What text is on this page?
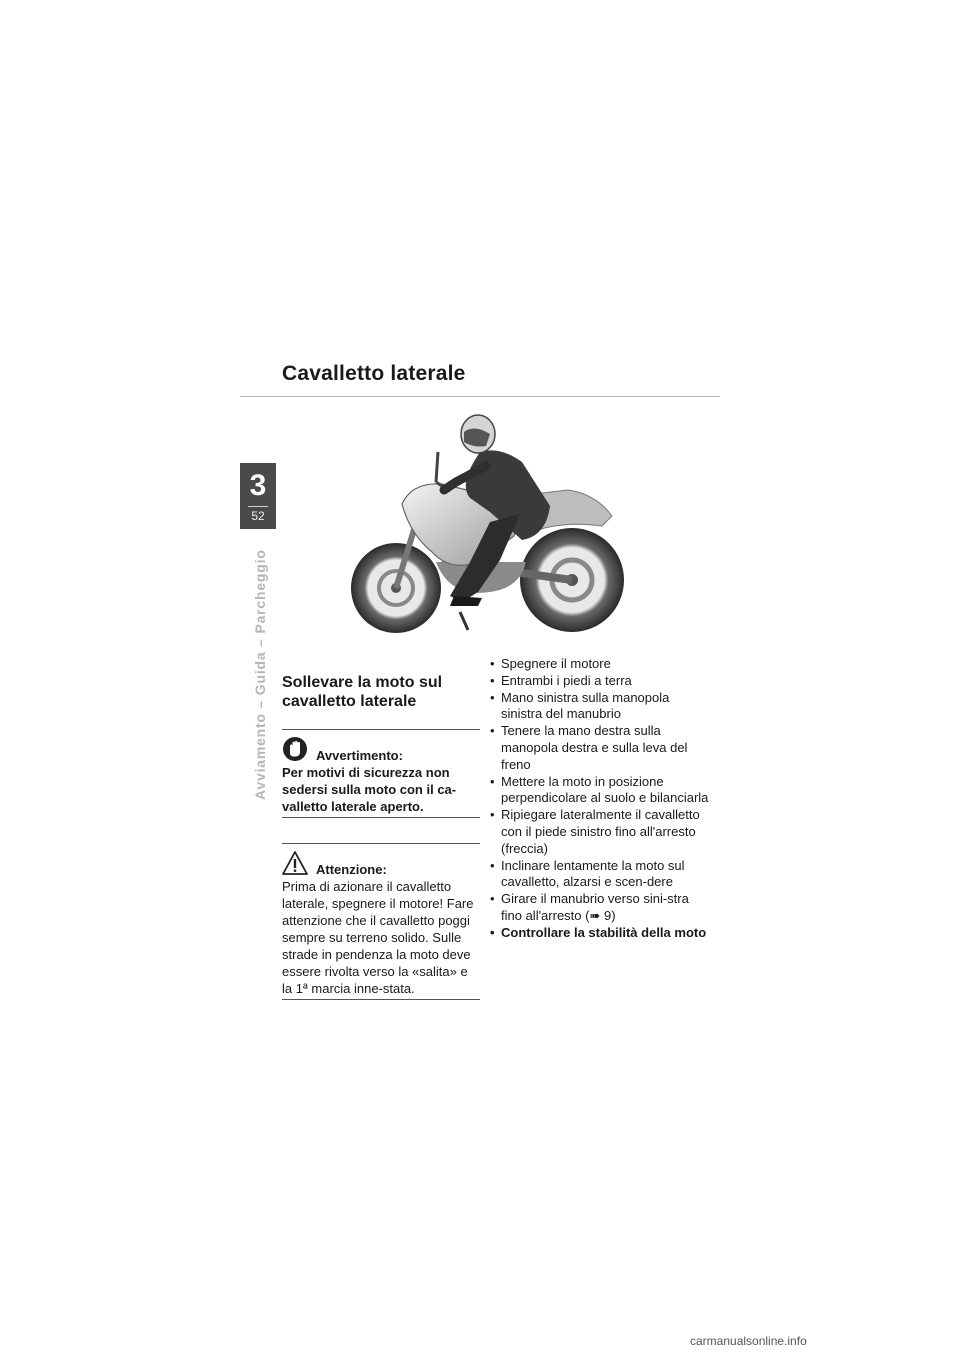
Cavalletto laterale
3
52
Avviamento – Guida – Parcheggio Sollevare la moto sul cavalletto laterale
Avvertimento:
Per motivi di sicurezza non sedersi sulla moto con il ca-valletto laterale aperto.
Attenzione:
Prima di azionare il cavalletto laterale, spegnere il motore! Fare attenzione che il cavalletto poggi sempre su terreno solido. Sulle strade in pendenza la moto deve essere rivolta verso la «salita» e la 1ª marcia inne-stata.
• Spegnere il motore
• Entrambi i piedi a terra
• Mano sinistra sulla manopola sinistra del manubrio
• Tenere la mano destra sulla manopola destra e sulla leva del freno
• Mettere la moto in posizione perpendicolare al suolo e bilanciarla
• Ripiegare lateralmente il cavalletto con il piede sinistro fino all'arresto (freccia)
• Inclinare lentamente la moto sul cavalletto, alzarsi e scen-dere
• Girare il manubrio verso sini-stra fino all'arresto (➠ 9)
• Controllare la stabilità della moto
carmanualsonline.info
